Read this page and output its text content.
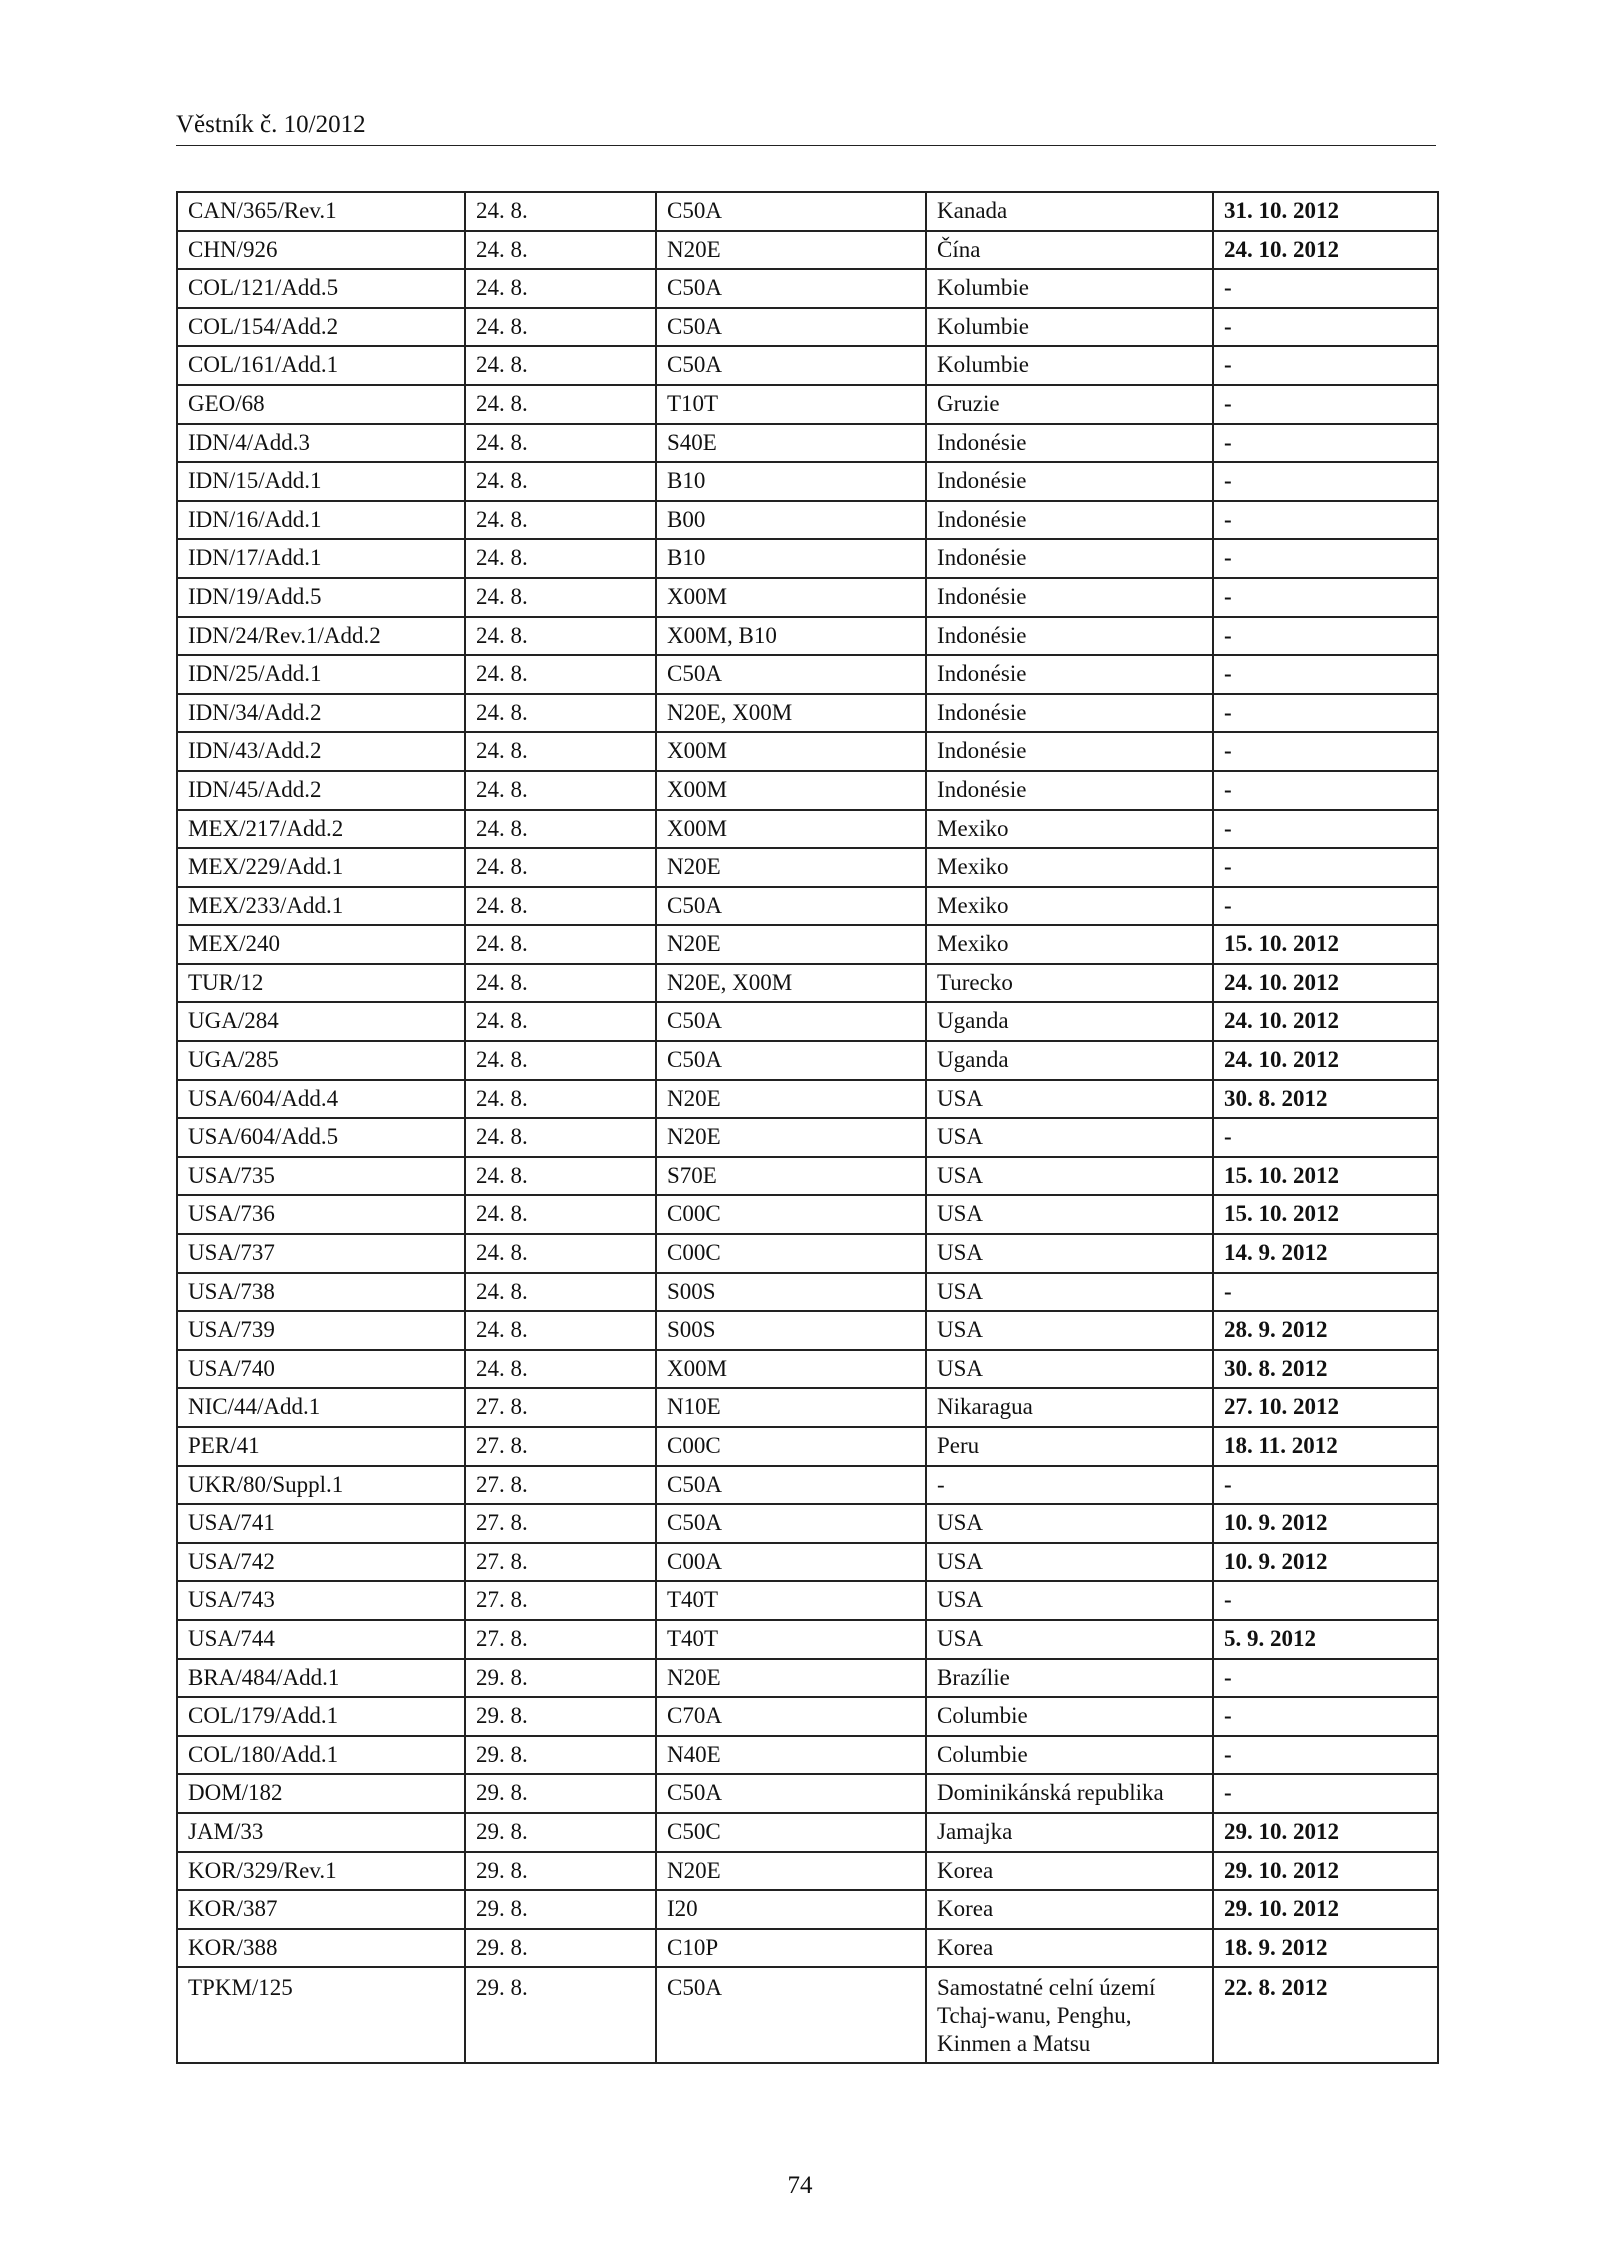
Věstník č. 10/2012
CAN/365/Rev.1	24. 8.	C50A	Kanada	31. 10. 2012
CHN/926	24. 8.	N20E	Čína	24. 10. 2012
COL/121/Add.5	24. 8.	C50A	Kolumbie	-
COL/154/Add.2	24. 8.	C50A	Kolumbie	-
COL/161/Add.1	24. 8.	C50A	Kolumbie	-
GEO/68	24. 8.	T10T	Gruzie	-
IDN/4/Add.3	24. 8.	S40E	Indonésie	-
IDN/15/Add.1	24. 8.	B10	Indonésie	-
IDN/16/Add.1	24. 8.	B00	Indonésie	-
IDN/17/Add.1	24. 8.	B10	Indonésie	-
IDN/19/Add.5	24. 8.	X00M	Indonésie	-
IDN/24/Rev.1/Add.2	24. 8.	X00M, B10	Indonésie	-
IDN/25/Add.1	24. 8.	C50A	Indonésie	-
IDN/34/Add.2	24. 8.	N20E, X00M	Indonésie	-
IDN/43/Add.2	24. 8.	X00M	Indonésie	-
IDN/45/Add.2	24. 8.	X00M	Indonésie	-
MEX/217/Add.2	24. 8.	X00M	Mexiko	-
MEX/229/Add.1	24. 8.	N20E	Mexiko	-
MEX/233/Add.1	24. 8.	C50A	Mexiko	-
MEX/240	24. 8.	N20E	Mexiko	15. 10. 2012
TUR/12	24. 8.	N20E, X00M	Turecko	24. 10. 2012
UGA/284	24. 8.	C50A	Uganda	24. 10. 2012
UGA/285	24. 8.	C50A	Uganda	24. 10. 2012
USA/604/Add.4	24. 8.	N20E	USA	30. 8. 2012
USA/604/Add.5	24. 8.	N20E	USA	-
USA/735	24. 8.	S70E	USA	15. 10. 2012
USA/736	24. 8.	C00C	USA	15. 10. 2012
USA/737	24. 8.	C00C	USA	14. 9. 2012
USA/738	24. 8.	S00S	USA	-
USA/739	24. 8.	S00S	USA	28. 9. 2012
USA/740	24. 8.	X00M	USA	30. 8. 2012
NIC/44/Add.1	27. 8.	N10E	Nikaragua	27. 10. 2012
PER/41	27. 8.	C00C	Peru	18. 11. 2012
UKR/80/Suppl.1	27. 8.	C50A	-	-
USA/741	27. 8.	C50A	USA	10. 9. 2012
USA/742	27. 8.	C00A	USA	10. 9. 2012
USA/743	27. 8.	T40T	USA	-
USA/744	27. 8.	T40T	USA	5. 9. 2012
BRA/484/Add.1	29. 8.	N20E	Brazílie	-
COL/179/Add.1	29. 8.	C70A	Columbie	-
COL/180/Add.1	29. 8.	N40E	Columbie	-
DOM/182	29. 8.	C50A	Dominikánská republika	-
JAM/33	29. 8.	C50C	Jamajka	29. 10. 2012
KOR/329/Rev.1	29. 8.	N20E	Korea	29. 10. 2012
KOR/387	29. 8.	I20	Korea	29. 10. 2012
KOR/388	29. 8.	C10P	Korea	18. 9. 2012
TPKM/125	29. 8.	C50A	Samostatné celní území Tchaj-wanu, Penghu, Kinmen a Matsu	22. 8. 2012
74
